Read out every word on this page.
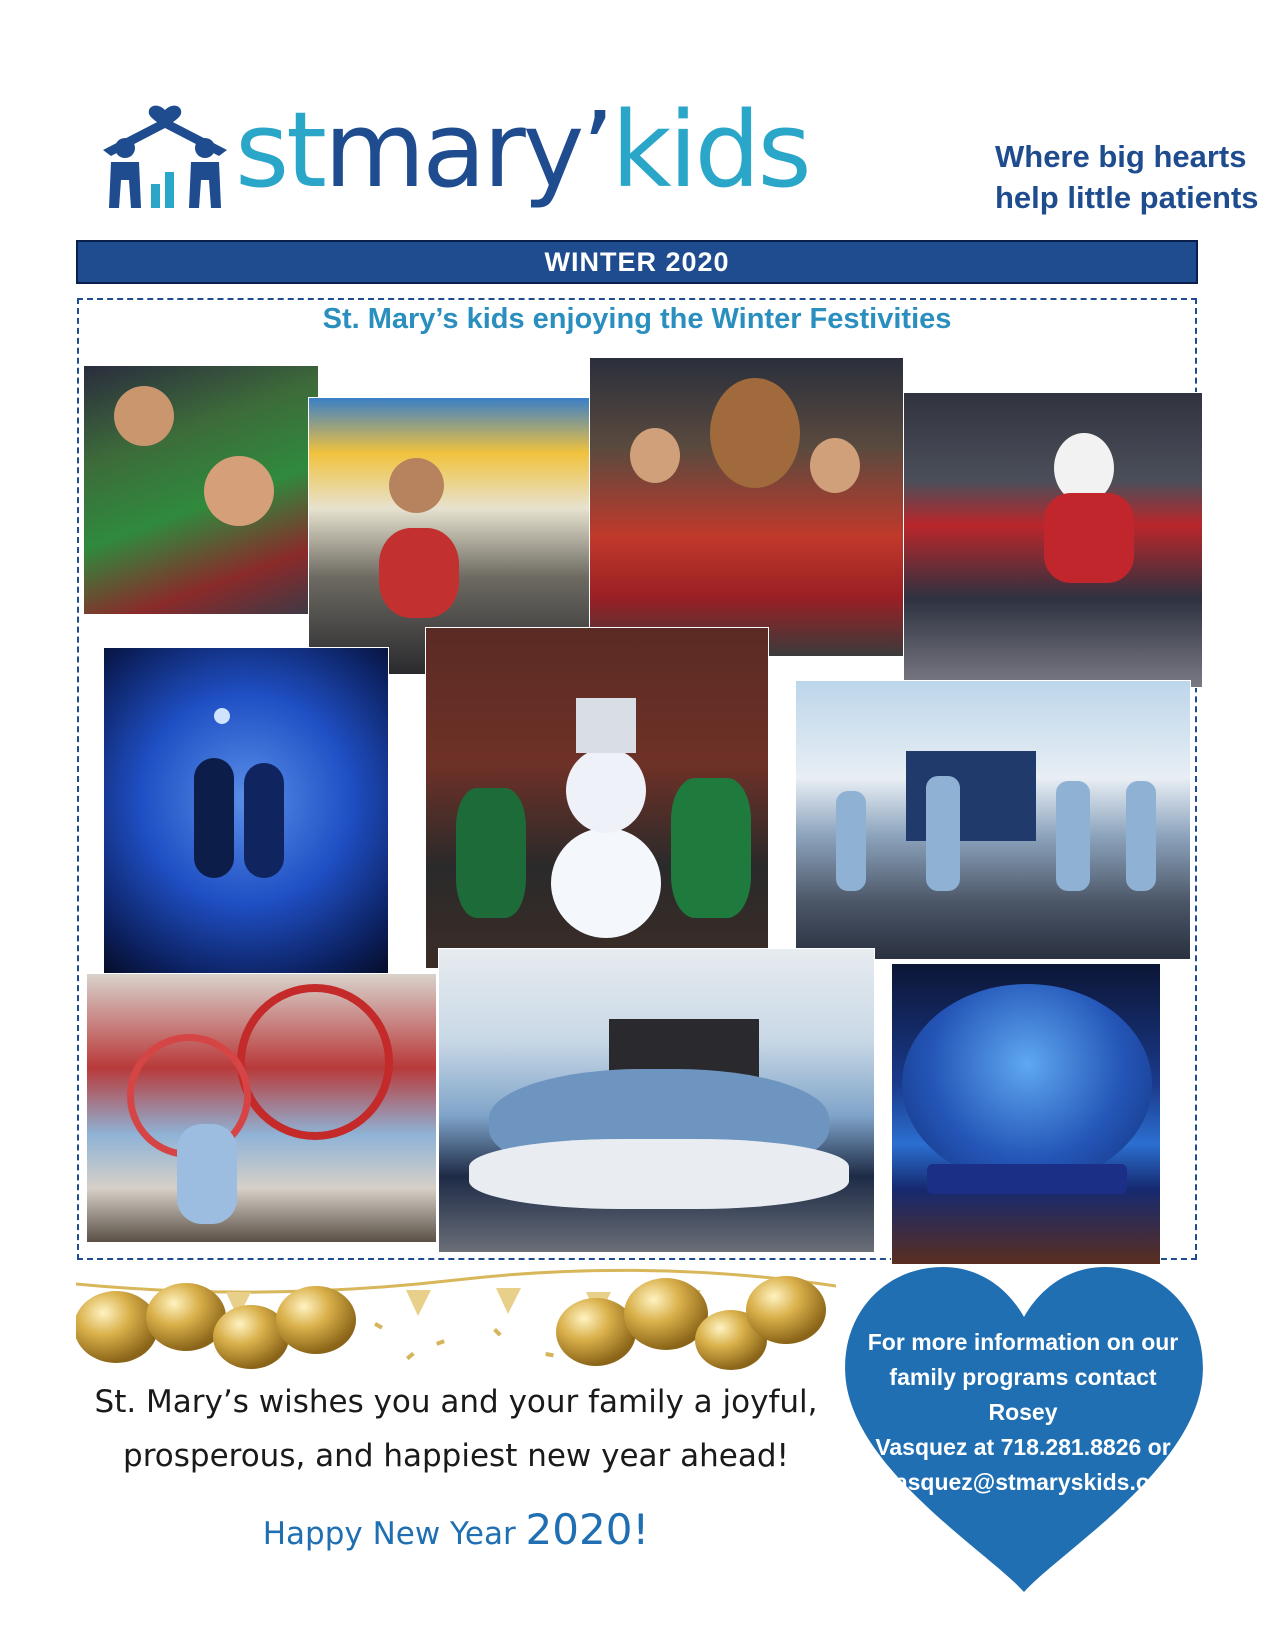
stmary’kids	Where big hearts
help little patients
WINTER 2020
St. Mary’s kids enjoying the Winter Festivities
St. Mary’s wishes you and your family a joyful,
prosperous, and happiest new year ahead!
Happy New Year 2020!
For more information on our
family programs contact Rosey
Vasquez at 718.281.8826 or
rvasquez@stmaryskids.org
